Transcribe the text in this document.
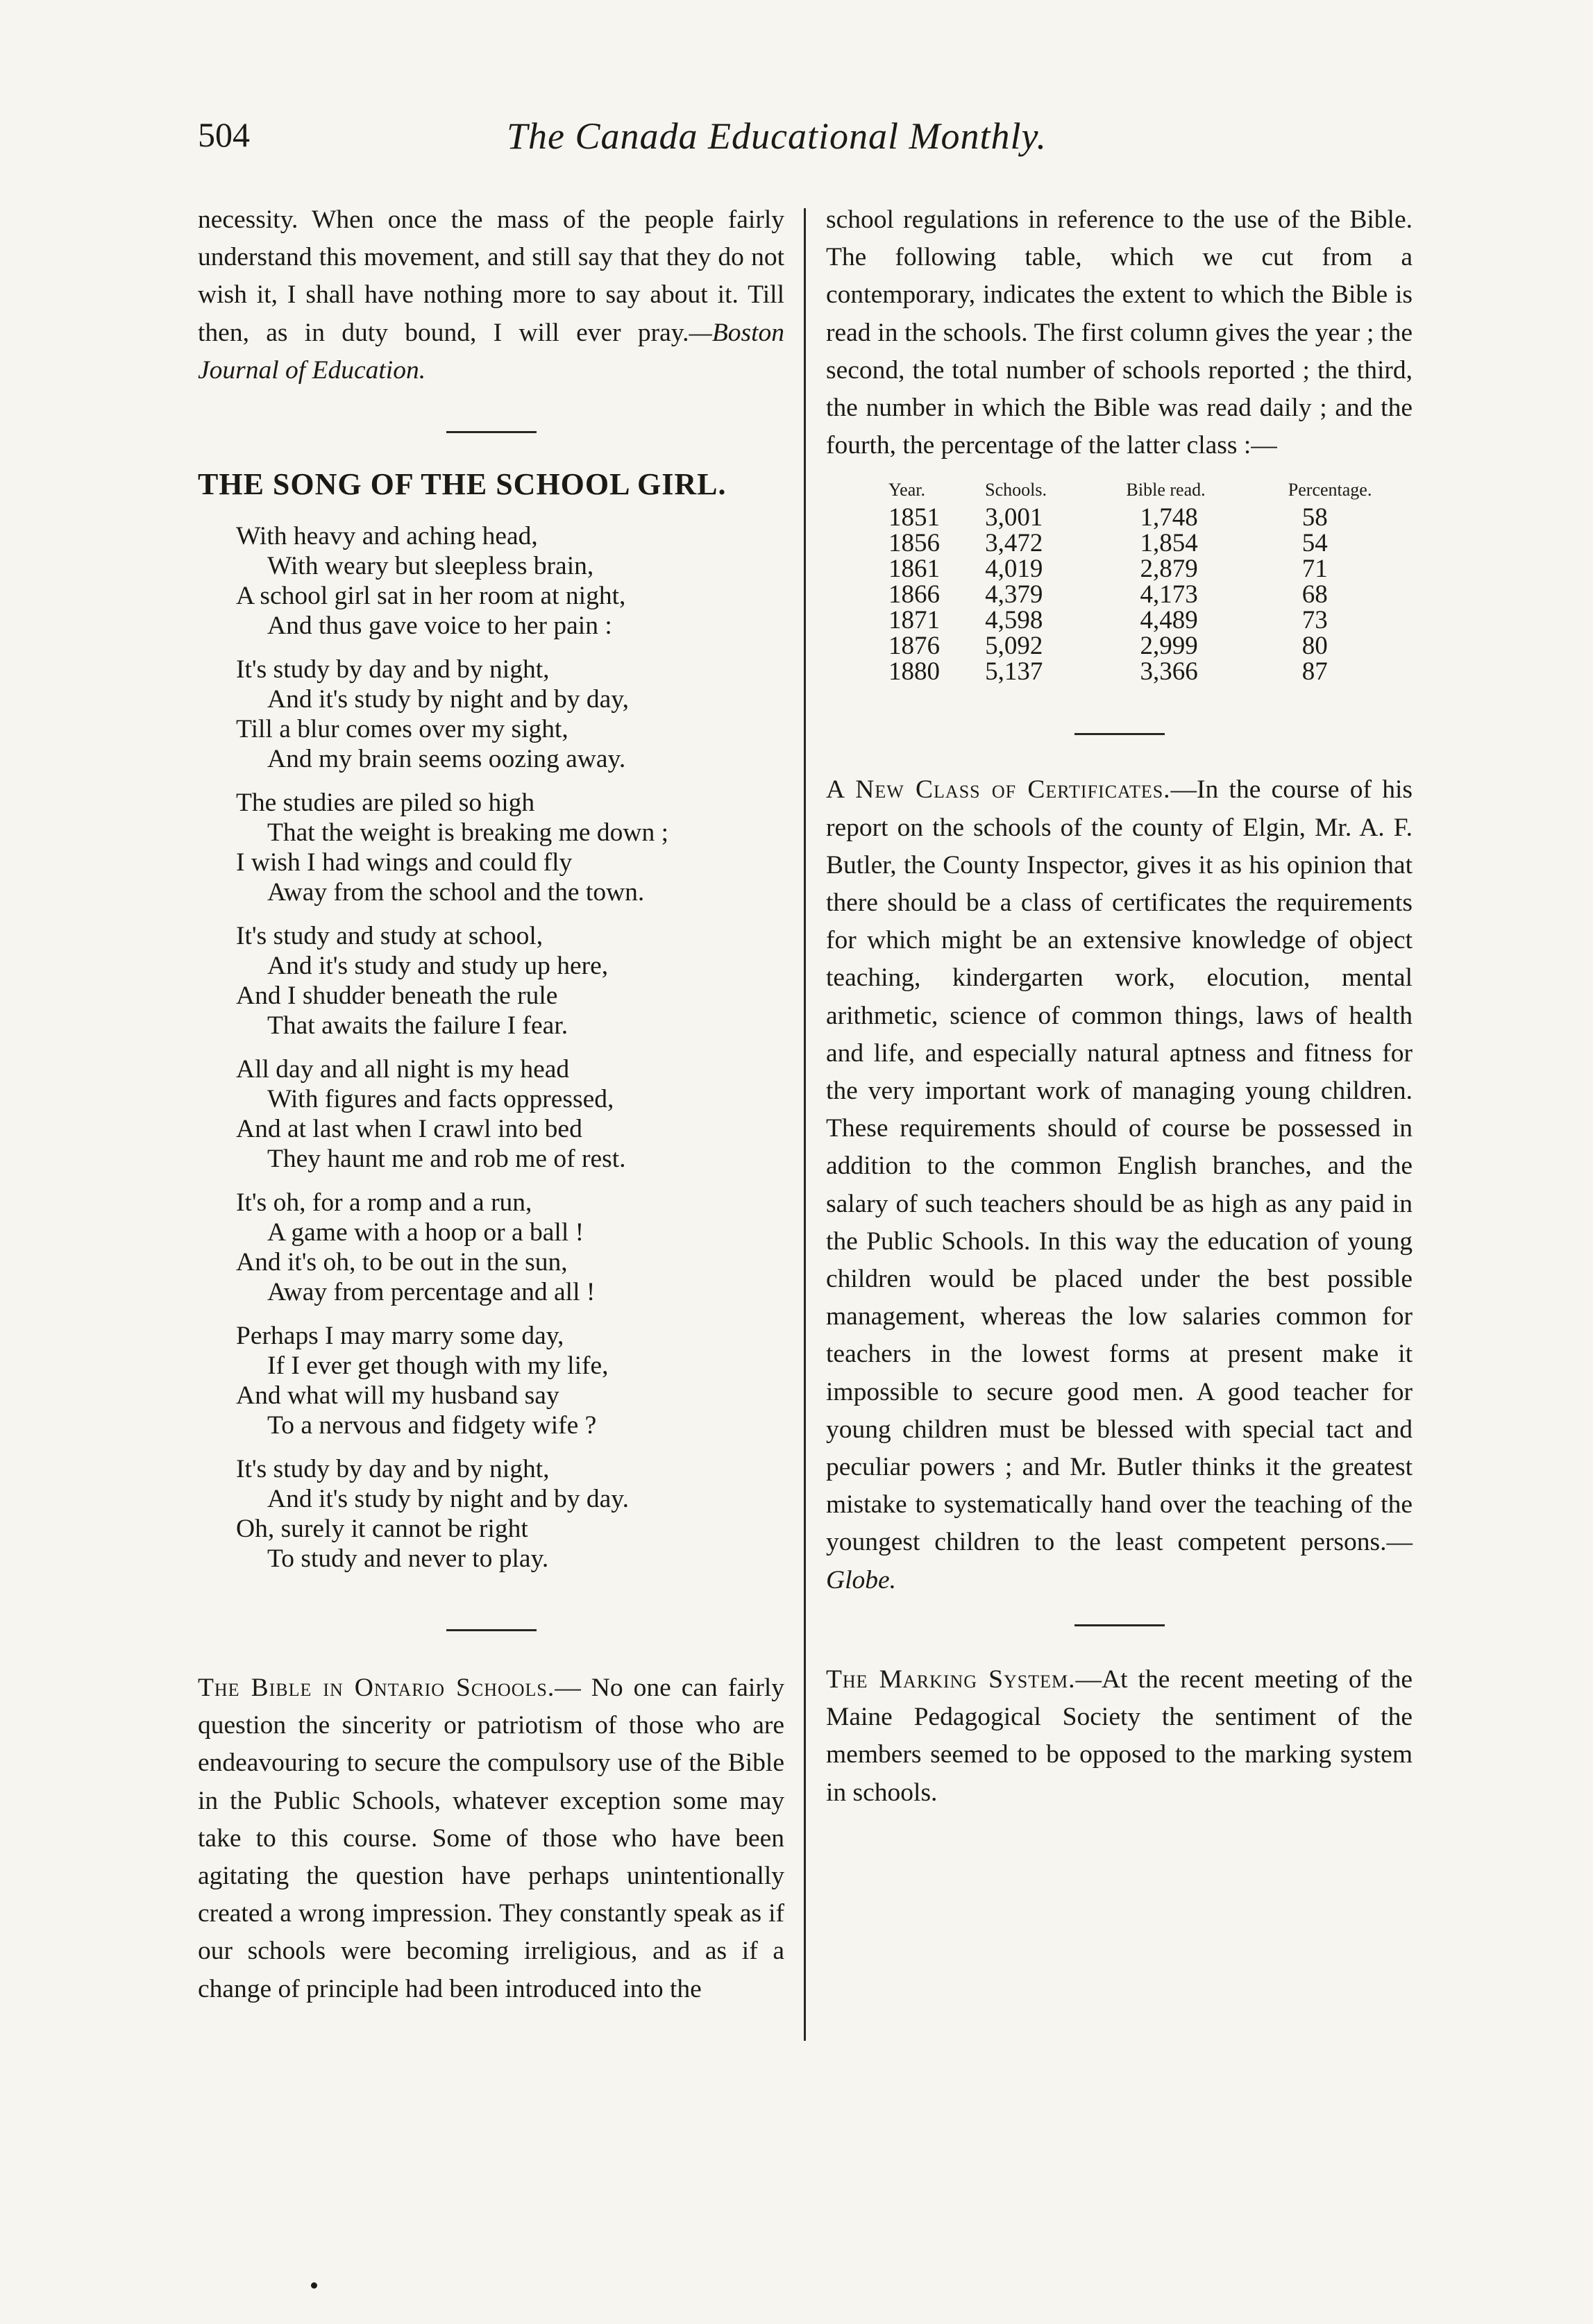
504	The Canada Educational Monthly.

necessity. When once the mass of the people fairly understand this movement, and still say that they do not wish it, I shall have nothing more to say about it. Till then, as in duty bound, I will ever pray.—Boston Journal of Education.

THE SONG OF THE SCHOOL GIRL.
With heavy and aching head,
With weary but sleepless brain,
A school girl sat in her room at night,
And thus gave voice to her pain :
It's study by day and by night,
And it's study by night and by day,
Till a blur comes over my sight,
And my brain seems oozing away.
The studies are piled so high
That the weight is breaking me down ;
I wish I had wings and could fly
Away from the school and the town.
It's study and study at school,
And it's study and study up here,
And I shudder beneath the rule
That awaits the failure I fear.
All day and all night is my head
With figures and facts oppressed,
And at last when I crawl into bed
They haunt me and rob me of rest.
It's oh, for a romp and a run,
A game with a hoop or a ball !
And it's oh, to be out in the sun,
Away from percentage and all !
Perhaps I may marry some day,
If I ever get though with my life,
And what will my husband say
To a nervous and fidgety wife ?
It's study by day and by night,
And it's study by night and by day.
Oh, surely it cannot be right
To study and never to play.

The Bible in Ontario Schools.— No one can fairly question the sincerity or patriotism of those who are endeavouring to secure the compulsory use of the Bible in the Public Schools, whatever exception some may take to this course. Some of those who have been agitating the question have perhaps unintentionally created a wrong impression. They constantly speak as if our schools were becoming irreligious, and as if a change of principle had been introduced into the

school regulations in reference to the use of the Bible. The following table, which we cut from a contemporary, indicates the extent to which the Bible is read in the schools. The first column gives the year ; the second, the total number of schools reported ; the third, the number in which the Bible was read daily ; and the fourth, the percentage of the latter class :—

Year.	Schools.	Bible read.	Percentage.
1851	3,001	1,748	58
1856	3,472	1,854	54
1861	4,019	2,879	71
1866	4,379	4,173	68
1871	4,598	4,489	73
1876	5,092	2,999	80
1880	5,137	3,366	87

A New Class of Certificates.—In the course of his report on the schools of the county of Elgin, Mr. A. F. Butler, the County Inspector, gives it as his opinion that there should be a class of certificates the requirements for which might be an extensive knowledge of object teaching, kindergarten work, elocution, mental arithmetic, science of common things, laws of health and life, and especially natural aptness and fitness for the very important work of managing young children. These requirements should of course be possessed in addition to the common English branches, and the salary of such teachers should be as high as any paid in the Public Schools. In this way the education of young children would be placed under the best possible management, whereas the low salaries common for teachers in the lowest forms at present make it impossible to secure good men. A good teacher for young children must be blessed with special tact and peculiar powers ; and Mr. Butler thinks it the greatest mistake to systematically hand over the teaching of the youngest children to the least competent persons.— Globe.

The Marking System.—At the recent meeting of the Maine Pedagogical Society the sentiment of the members seemed to be opposed to the marking system in schools.
